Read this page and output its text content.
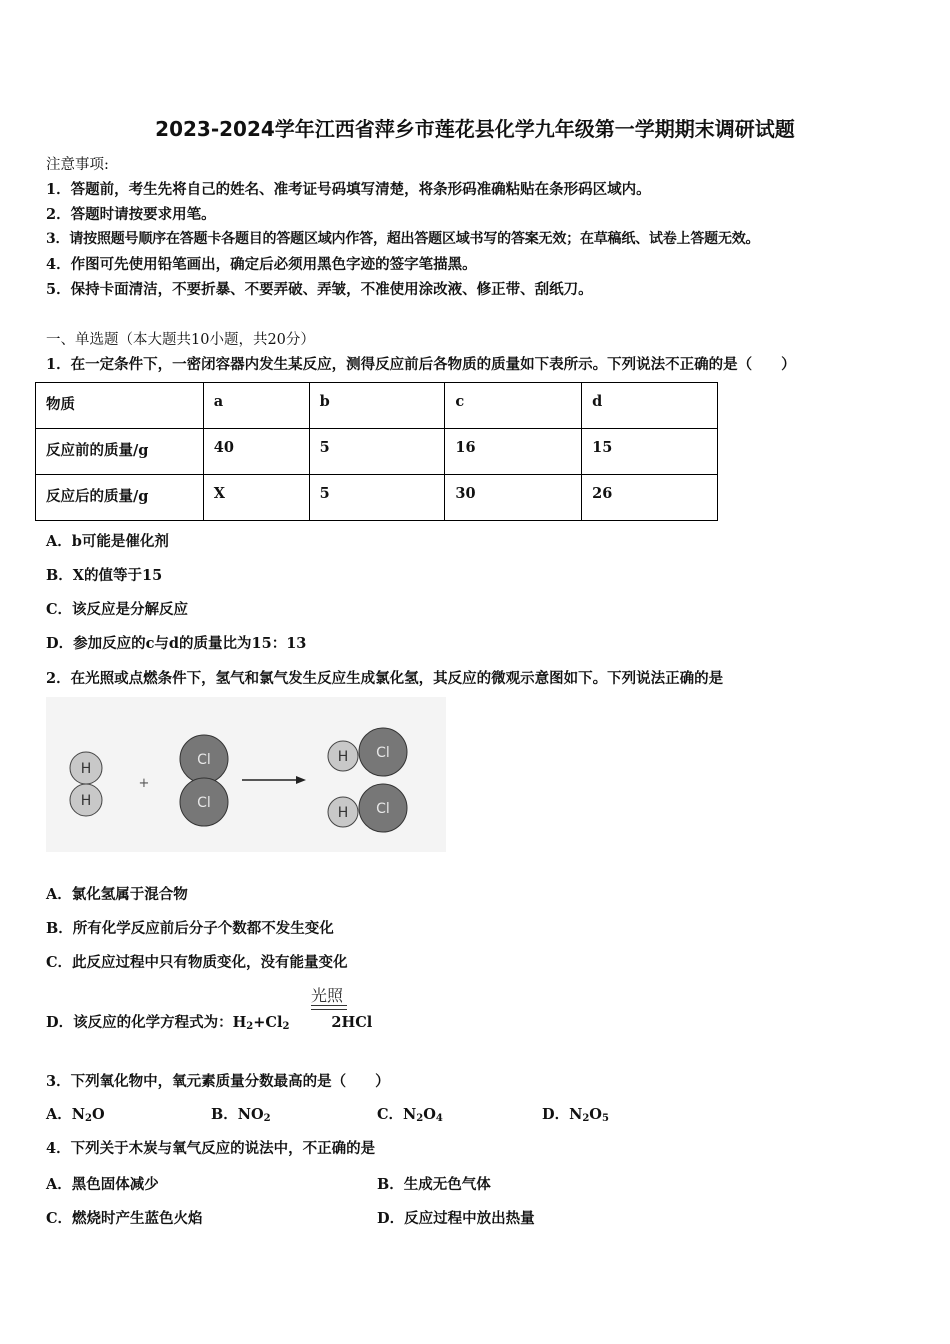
2023-2024学年江西省萍乡市莲花县化学九年级第一学期期末调研试题
注意事项:
1．答题前，考生先将自己的姓名、准考证号码填写清楚，将条形码准确粘贴在条形码区域内。
2．答题时请按要求用笔。
3．请按照题号顺序在答题卡各题目的答题区域内作答，超出答题区域书写的答案无效；在草稿纸、试卷上答题无效。
4．作图可先使用铅笔画出，确定后必须用黑色字迹的签字笔描黑。
5．保持卡面清洁，不要折暴、不要弄破、弄皱，不准使用涂改液、修正带、刮纸刀。
一、单选题（本大题共10小题，共20分）
1．在一定条件下，一密闭容器内发生某反应，测得反应前后各物质的质量如下表所示。下列说法不正确的是（　　）
物质	a	b	c	d
反应前的质量/g	40	5	16	15
反应后的质量/g	X	5	30	26
A．b可能是催化剂
B．X的值等于15
C．该反应是分解反应
D．参加反应的c与d的质量比为15：13
2．在光照或点燃条件下，氢气和氯气发生反应生成氯化氢，其反应的微观示意图如下。下列说法正确的是
H
H
+
Cl
Cl
Cl
H
Cl
H
A．氯化氢属于混合物
B．所有化学反应前后分子个数都不发生变化
C．此反应过程中只有物质变化，没有能量变化
光照
D．该反应的化学方程式为：$H_2+Cl_2$	2HCl
3．下列氧化物中，氧元素质量分数最高的是（　　）
A．$N_2O$	B．$NO_2$	C．$N_2O_4$	D．$N_2O_5$
4．下列关于木炭与氧气反应的说法中，不正确的是
A．黑色固体减少	B．生成无色气体
C．燃烧时产生蓝色火焰	D．反应过程中放出热量
